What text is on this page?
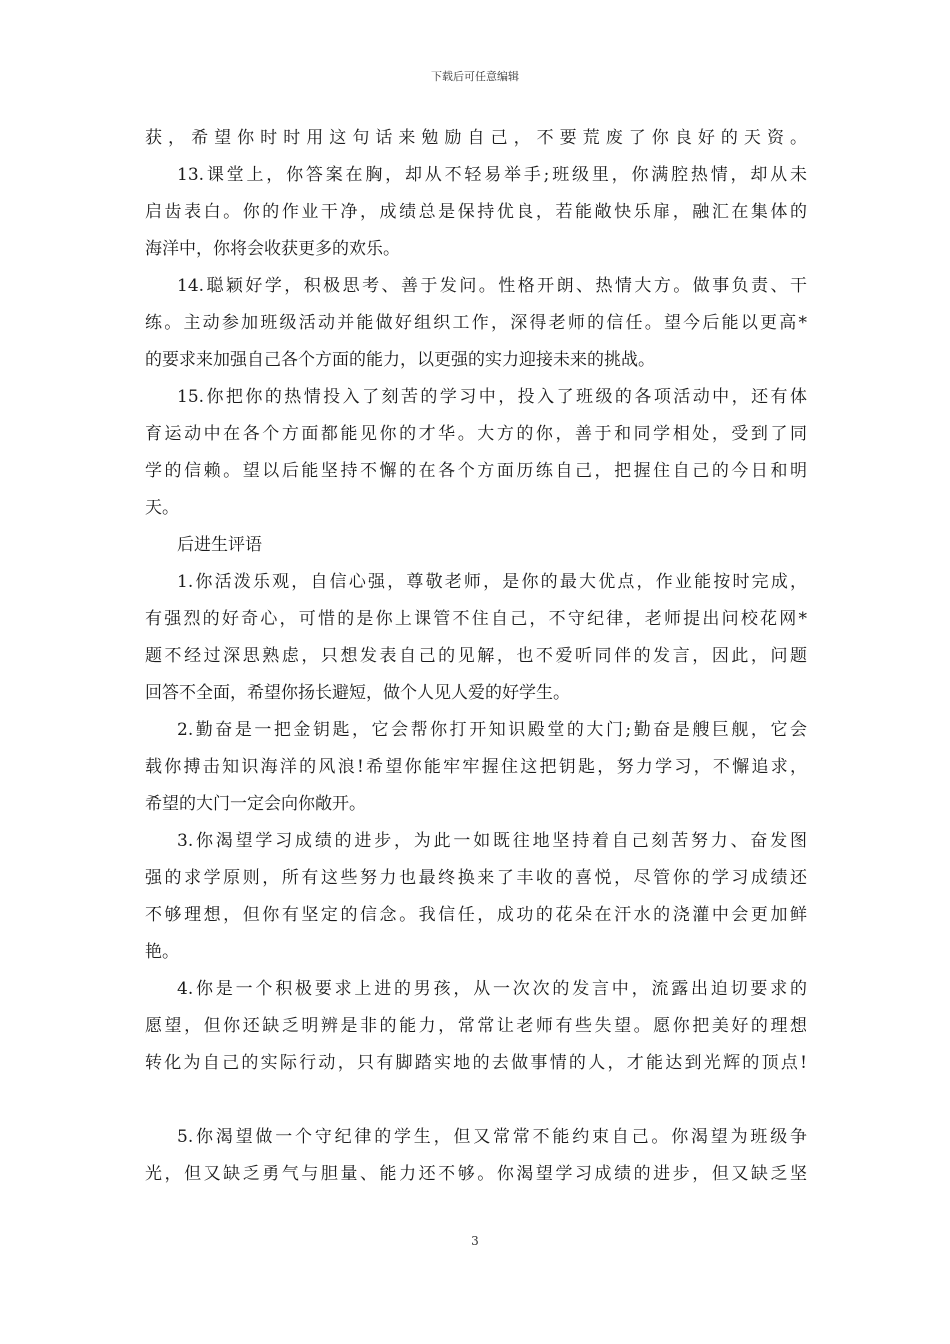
下载后可任意编辑
获，希望你时时用这句话来勉励自己，不要荒废了你良好的天资。
13.课堂上，你答案在胸，却从不轻易举手;班级里，你满腔热情，却从未
启齿表白。你的作业干净，成绩总是保持优良，若能敞快乐扉，融汇在集体的
海洋中，你将会收获更多的欢乐。
14.聪颖好学，积极思考、善于发问。性格开朗、热情大方。做事负责、干
练。主动参加班级活动并能做好组织工作，深得老师的信任。望今后能以更高*
的要求来加强自己各个方面的能力，以更强的实力迎接未来的挑战。
15.你把你的热情投入了刻苦的学习中，投入了班级的各项活动中，还有体
育运动中在各个方面都能见你的才华。大方的你，善于和同学相处，受到了同
学的信赖。望以后能坚持不懈的在各个方面历练自己，把握住自己的今日和明
天。
后进生评语
1.你活泼乐观，自信心强，尊敬老师，是你的最大优点，作业能按时完成，
有强烈的好奇心，可惜的是你上课管不住自己，不守纪律，老师提出问校花网*
题不经过深思熟虑，只想发表自己的见解，也不爱听同伴的发言，因此，问题
回答不全面，希望你扬长避短，做个人见人爱的好学生。
2.勤奋是一把金钥匙，它会帮你打开知识殿堂的大门;勤奋是艘巨舰，它会
载你搏击知识海洋的风浪!希望你能牢牢握住这把钥匙，努力学习，不懈追求，
希望的大门一定会向你敞开。
3.你渴望学习成绩的进步，为此一如既往地坚持着自己刻苦努力、奋发图
强的求学原则，所有这些努力也最终换来了丰收的喜悦，尽管你的学习成绩还
不够理想，但你有坚定的信念。我信任，成功的花朵在汗水的浇灌中会更加鲜
艳。
4.你是一个积极要求上进的男孩，从一次次的发言中，流露出迫切要求的
愿望，但你还缺乏明辨是非的能力，常常让老师有些失望。愿你把美好的理想
转化为自己的实际行动，只有脚踏实地的去做事情的人，才能达到光辉的顶点!
5.你渴望做一个守纪律的学生，但又常常不能约束自己。你渴望为班级争
光，但又缺乏勇气与胆量、能力还不够。你渴望学习成绩的进步，但又缺乏坚
3
